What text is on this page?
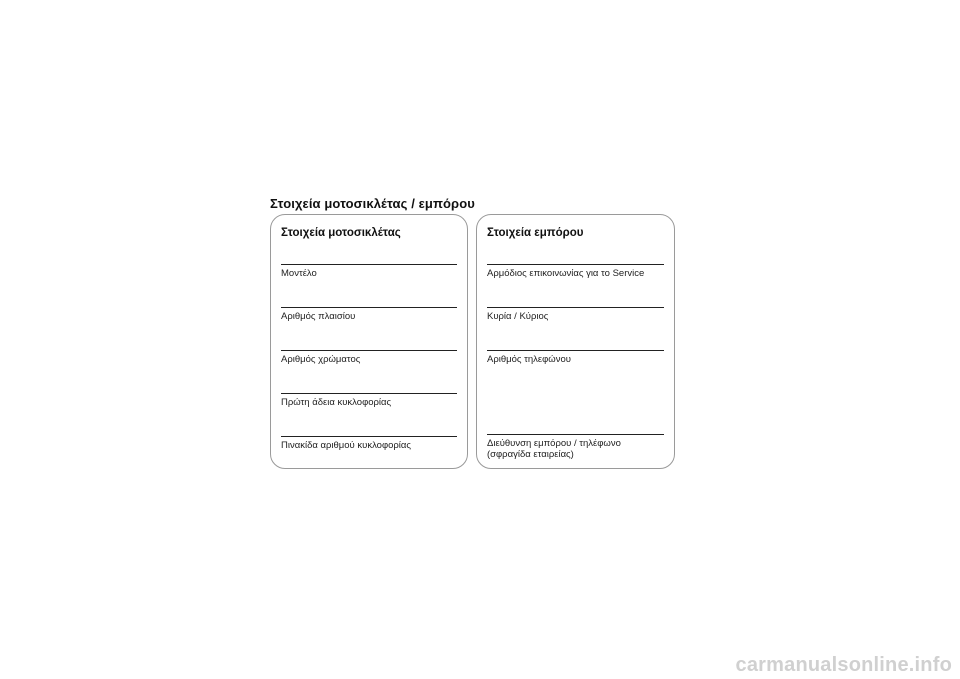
Στοιχεία μοτοσικλέτας / εμπόρου
Στοιχεία μοτοσικλέτας
Μοντέλο
Αριθμός πλαισίου
Αριθμός χρώματος
Πρώτη άδεια κυκλοφορίας
Πινακίδα αριθμού κυκλοφορίας
Στοιχεία εμπόρου
Αρμόδιος επικοινωνίας για το Service
Κυρία / Κύριος
Αριθμός τηλεφώνου
Διεύθυνση εμπόρου / τηλέφωνο (σφραγίδα εταιρείας)
carmanualsonline.info
